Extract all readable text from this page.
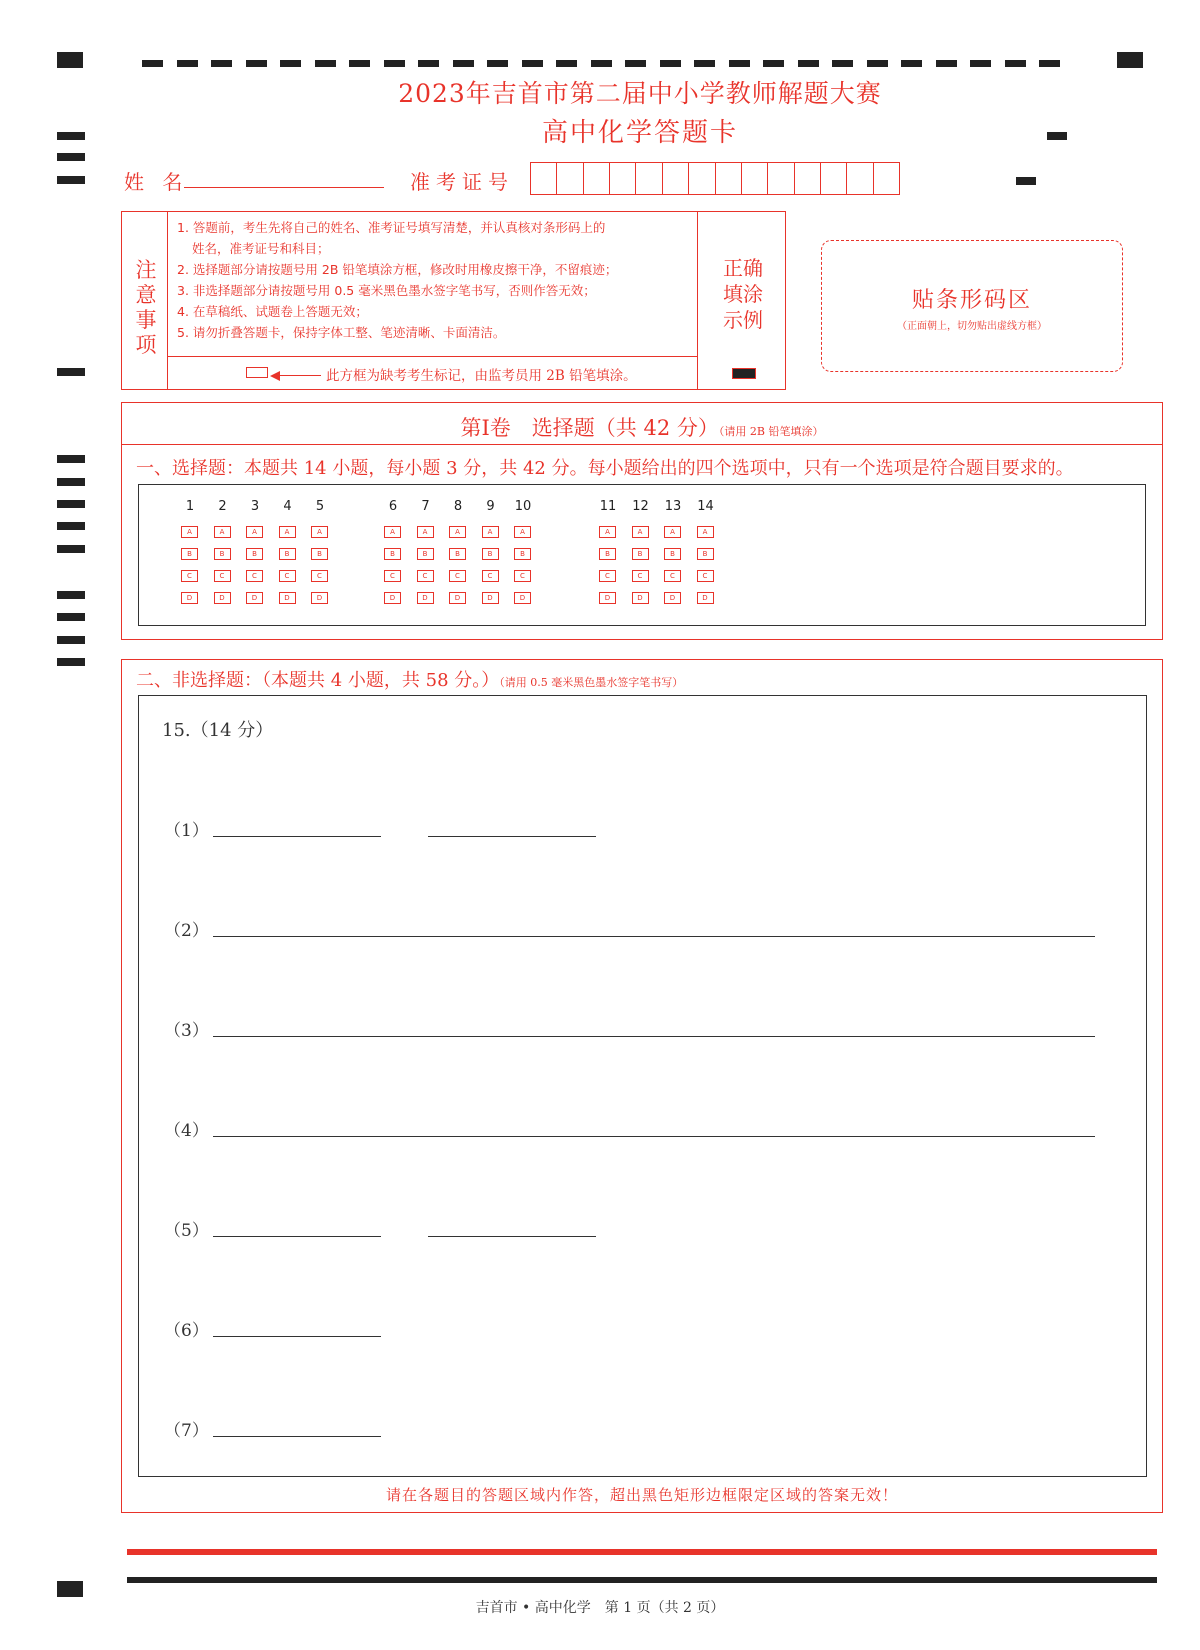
2023年吉首市第二届中小学教师解题大赛
高中化学答题卡
姓 名	准考证号
注
意
事
项
1. 答题前，考生先将自己的姓名、准考证号填写清楚，并认真核对条形码上的
姓名，准考证号和科目；
2. 选择题部分请按题号用 2B 铅笔填涂方框，修改时用橡皮擦干净，不留痕迹；
3. 非选择题部分请按题号用 0.5 毫米黑色墨水签字笔书写，否则作答无效；
4. 在草稿纸、试题卷上答题无效；
5. 请勿折叠答题卡，保持字体工整、笔迹清晰、卡面清洁。
此方框为缺考考生标记，由监考员用 2B 铅笔填涂。
正确
填涂
示例
贴条形码区
（正面朝上，切勿贴出虚线方框）
第Ⅰ卷　选择题（共 42 分）（请用 2B 铅笔填涂）
一、选择题：本题共 14 小题，每小题 3 分，共 42 分。每小题给出的四个选项中，只有一个选项是符合题目要求的。
1
A
B
C
D
2
A
B
C
D
3
A
B
C
D
4
A
B
C
D
5
A
B
C
D
6
A
B
C
D
7
A
B
C
D
8
A
B
C
D
9
A
B
C
D
10
A
B
C
D
11
A
B
C
D
12
A
B
C
D
13
A
B
C
D
14
A
B
C
D
二、非选择题：（本题共 4 小题，共 58 分。）（请用 0.5 毫米黑色墨水签字笔书写）
15.（14 分）
（1）
（2）
（3）
（4）
（5）
（6）
（7）
请在各题目的答题区域内作答，超出黑色矩形边框限定区域的答案无效！
吉首市 • 高中化学　第 1 页（共 2 页）
